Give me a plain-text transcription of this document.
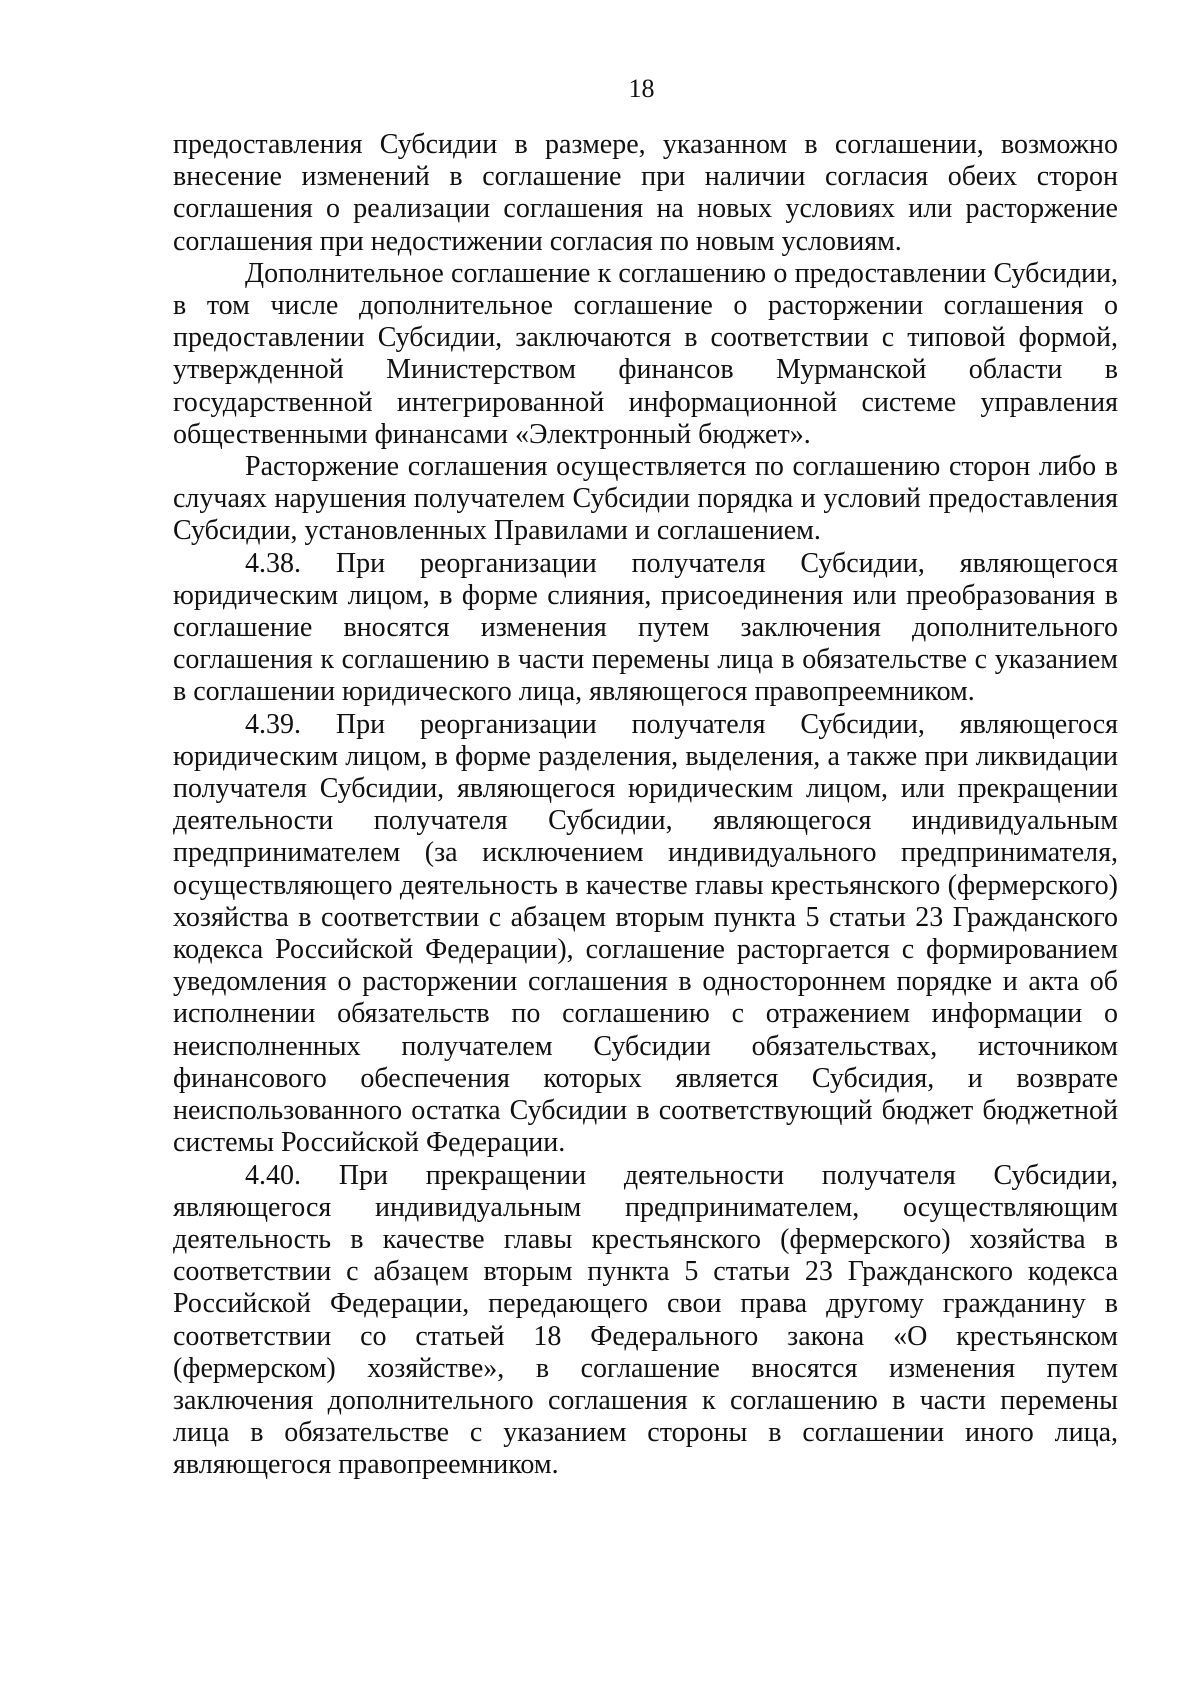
18

предоставления Субсидии в размере, указанном в соглашении, возможно внесение изменений в соглашение при наличии согласия обеих сторон соглашения о реализации соглашения на новых условиях или расторжение соглашения при недостижении согласия по новым условиям.

Дополнительное соглашение к соглашению о предоставлении Субсидии, в том числе дополнительное соглашение о расторжении соглашения о предоставлении Субсидии, заключаются в соответствии с типовой формой, утвержденной Министерством финансов Мурманской области в государственной интегрированной информационной системе управления общественными финансами «Электронный бюджет».

Расторжение соглашения осуществляется по соглашению сторон либо в случаях нарушения получателем Субсидии порядка и условий предоставления Субсидии, установленных Правилами и соглашением.

4.38. При реорганизации получателя Субсидии, являющегося юридическим лицом, в форме слияния, присоединения или преобразования в соглашение вносятся изменения путем заключения дополнительного соглашения к соглашению в части перемены лица в обязательстве с указанием в соглашении юридического лица, являющегося правопреемником.

4.39. При реорганизации получателя Субсидии, являющегося юридическим лицом, в форме разделения, выделения, а также при ликвидации получателя Субсидии, являющегося юридическим лицом, или прекращении деятельности получателя Субсидии, являющегося индивидуальным предпринимателем (за исключением индивидуального предпринимателя, осуществляющего деятельность в качестве главы крестьянского (фермерского) хозяйства в соответствии с абзацем вторым пункта 5 статьи 23 Гражданского кодекса Российской Федерации), соглашение расторгается с формированием уведомления о расторжении соглашения в одностороннем порядке и акта об исполнении обязательств по соглашению с отражением информации о неисполненных получателем Субсидии обязательствах, источником финансового обеспечения которых является Субсидия, и возврате неиспользованного остатка Субсидии в соответствующий бюджет бюджетной системы Российской Федерации.

4.40. При прекращении деятельности получателя Субсидии, являющегося индивидуальным предпринимателем, осуществляющим деятельность в качестве главы крестьянского (фермерского) хозяйства в соответствии с абзацем вторым пункта 5 статьи 23 Гражданского кодекса Российской Федерации, передающего свои права другому гражданину в соответствии со статьей 18 Федерального закона «О крестьянском (фермерском) хозяйстве», в соглашение вносятся изменения путем заключения дополнительного соглашения к соглашению в части перемены лица в обязательстве с указанием стороны в соглашении иного лица, являющегося правопреемником.
